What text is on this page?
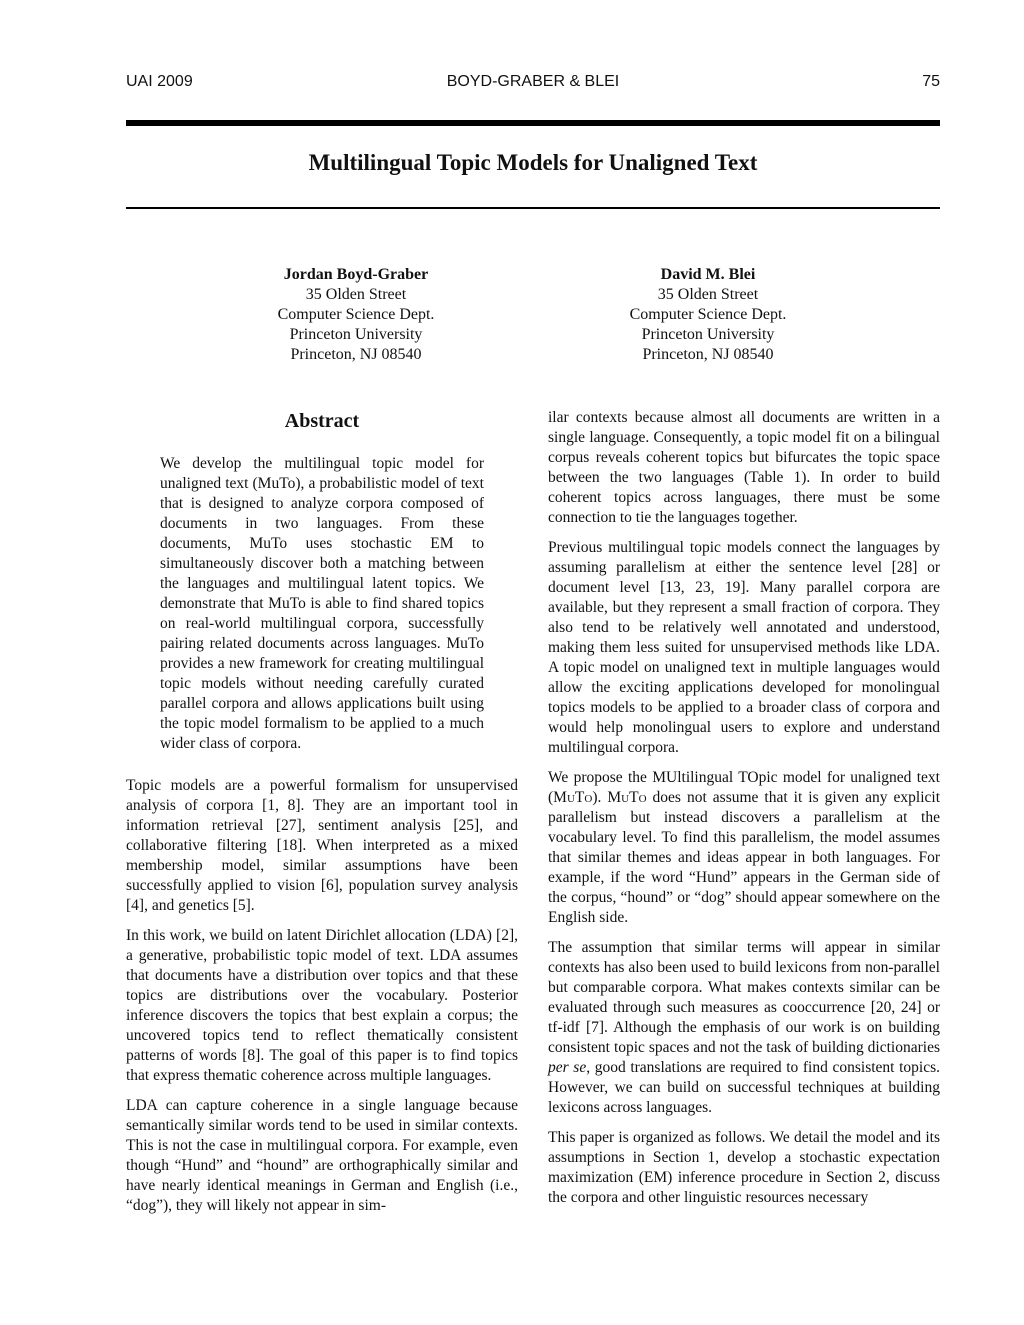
UAI 2009	BOYD-GRABER & BLEI	75
Multilingual Topic Models for Unaligned Text
Jordan Boyd-Graber
35 Olden Street
Computer Science Dept.
Princeton University
Princeton, NJ 08540
David M. Blei
35 Olden Street
Computer Science Dept.
Princeton University
Princeton, NJ 08540
Abstract

We develop the multilingual topic model for unaligned text (MuTo), a probabilistic model of text that is designed to analyze corpora composed of documents in two languages. From these documents, MuTo uses stochastic EM to simultaneously discover both a matching between the languages and multilingual latent topics. We demonstrate that MuTo is able to find shared topics on real-world multilingual corpora, successfully pairing related documents across languages. MuTo provides a new framework for creating multilingual topic models without needing carefully curated parallel corpora and allows applications built using the topic model formalism to be applied to a much wider class of corpora.

Topic models are a powerful formalism for unsupervised analysis of corpora [1, 8]. They are an important tool in information retrieval [27], sentiment analysis [25], and collaborative filtering [18]. When interpreted as a mixed membership model, similar assumptions have been successfully applied to vision [6], population survey analysis [4], and genetics [5].

In this work, we build on latent Dirichlet allocation (LDA) [2], a generative, probabilistic topic model of text. LDA assumes that documents have a distribution over topics and that these topics are distributions over the vocabulary. Posterior inference discovers the topics that best explain a corpus; the uncovered topics tend to reflect thematically consistent patterns of words [8]. The goal of this paper is to find topics that express thematic coherence across multiple languages.

LDA can capture coherence in a single language because semantically similar words tend to be used in similar contexts. This is not the case in multilingual corpora. For example, even though “Hund” and “hound” are orthographically similar and have nearly identical meanings in German and English (i.e., “dog”), they will likely not appear in sim-

ilar contexts because almost all documents are written in a single language. Consequently, a topic model fit on a bilingual corpus reveals coherent topics but bifurcates the topic space between the two languages (Table 1). In order to build coherent topics across languages, there must be some connection to tie the languages together.

Previous multilingual topic models connect the languages by assuming parallelism at either the sentence level [28] or document level [13, 23, 19]. Many parallel corpora are available, but they represent a small fraction of corpora. They also tend to be relatively well annotated and understood, making them less suited for unsupervised methods like LDA. A topic model on unaligned text in multiple languages would allow the exciting applications developed for monolingual topics models to be applied to a broader class of corpora and would help monolingual users to explore and understand multilingual corpora.

We propose the MUltilingual TOpic model for unaligned text (MuTo). MuTo does not assume that it is given any explicit parallelism but instead discovers a parallelism at the vocabulary level. To find this parallelism, the model assumes that similar themes and ideas appear in both languages. For example, if the word “Hund” appears in the German side of the corpus, “hound” or “dog” should appear somewhere on the English side.

The assumption that similar terms will appear in similar contexts has also been used to build lexicons from non-parallel but comparable corpora. What makes contexts similar can be evaluated through such measures as cooccurrence [20, 24] or tf-idf [7]. Although the emphasis of our work is on building consistent topic spaces and not the task of building dictionaries per se, good translations are required to find consistent topics. However, we can build on successful techniques at building lexicons across languages.

This paper is organized as follows. We detail the model and its assumptions in Section 1, develop a stochastic expectation maximization (EM) inference procedure in Section 2, discuss the corpora and other linguistic resources necessary
